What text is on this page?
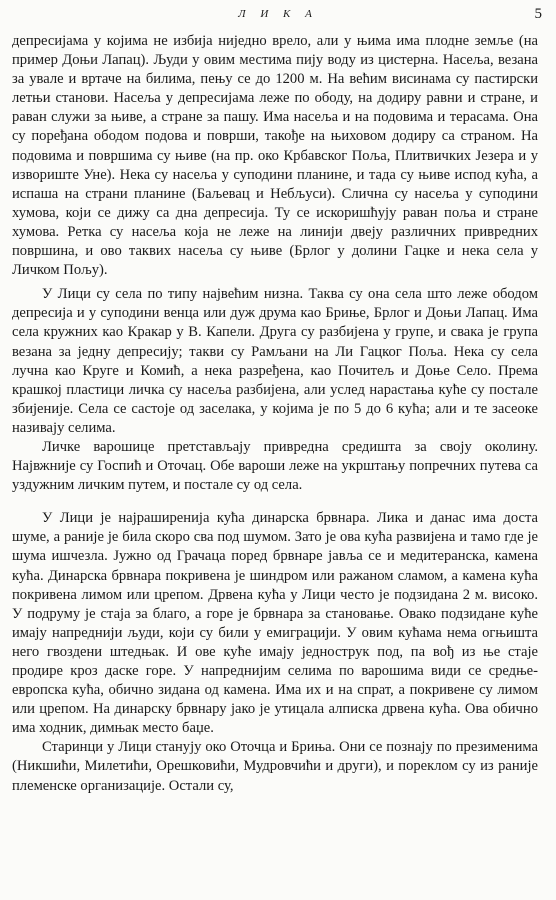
Л И К А	5

депресијама у којима не избија ниједно врело, али у њима има плодне земље (на пример Доњи Лапац). Људи у овим местима пију воду из цистерна. Насеља, везана за увале и вртаче на билима, пењу се до 1200 м. На већим висинама су пастирски летњи станови. Насеља у депресијама леже по ободу, на додиру равни и стране, и раван служи за њиве, а стране за пашу. Има насеља и на подовима и терасама. Она су поређана ободом подова и површи, такође на њиховом додиру са страном. На подовима и површима су њиве (на пр. око Крбавског Поља, Плитвичких Језера и у извориште Уне). Нека су насеља у суподини планине, и тада су њиве испод кућа, а испаша на страни планине (Баљевац и Небљуси). Слична су насеља у суподини хумова, који се дижу са дна депресија. Ту се искоришћују раван поља и стране хумова. Ретка су насеља која не леже на линији двеју различних привредних површина, и ово таквих насеља су њиве (Брлог у долини Гацке и нека села у Личком Пољу).

У Лици су села по типу највећим низна. Таква су она села што леже ободом депресија и у суподини венца или дуж друма као Бриње, Брлог и Доњи Лапац. Има села кружних као Кракар у В. Капели. Друга су разбијена у групе, и свака је група везана за једну депресију; такви су Рамљани на Ли Гацког Поља. Нека су села лучна као Круге и Комић, а нека разређена, као Почитељ и Доње Село. Према крашкој пластици личка су насеља разбијена, али услед нарастања куће су постале збијеније. Села се састоје од заселака, у којима је по 5 до 6 кућа; али и те засеоке називају селима.

Личке варошице претстављају привредна средишта за своју околину. Највжније су Госпић и Оточац. Обе вароши леже на укрштању попречних путева са уздужним личким путем, и постале су од села.

У Лици је најраширенија кућа динарска брвнара. Лика и данас има доста шуме, а раније је била скоро сва под шумом. Зато је ова кућа развијена и тамо где је шума ишчезла. Јужно од Грачаца поред брвнаре јавља се и медитеранска, камена кућа. Динарска брвнара покривена је шиндром или ражаном сламом, а камена кућа покривена лимом или црепом. Дрвена кућа у Лици често је подзидана 2 м. високо. У подруму је стаја за благо, а горе је брвнара за становање. Овако подзидане куће имају напреднији људи, који су били у емиграцији. У овим кућама нема огњишта него гвоздени штедњак. И ове куће имају једнострук под, па вођ из ње стаје продире кроз даске горе. У напреднијим селима по варошима види се средње-европска кућа, обично зидана од камена. Има их и на спрат, а покривене су лимом или црепом. На динарску брвнару јако је утицала алписка дрвена кућа. Ова обично има ходник, димњак место баџе.

Старинци у Лици станују око Оточца и Бриња. Они се познају по презименима (Никшићи, Милетићи, Орешковићи, Мудровчићи и други), и пореклом су из раније племенске организације. Остали су,
